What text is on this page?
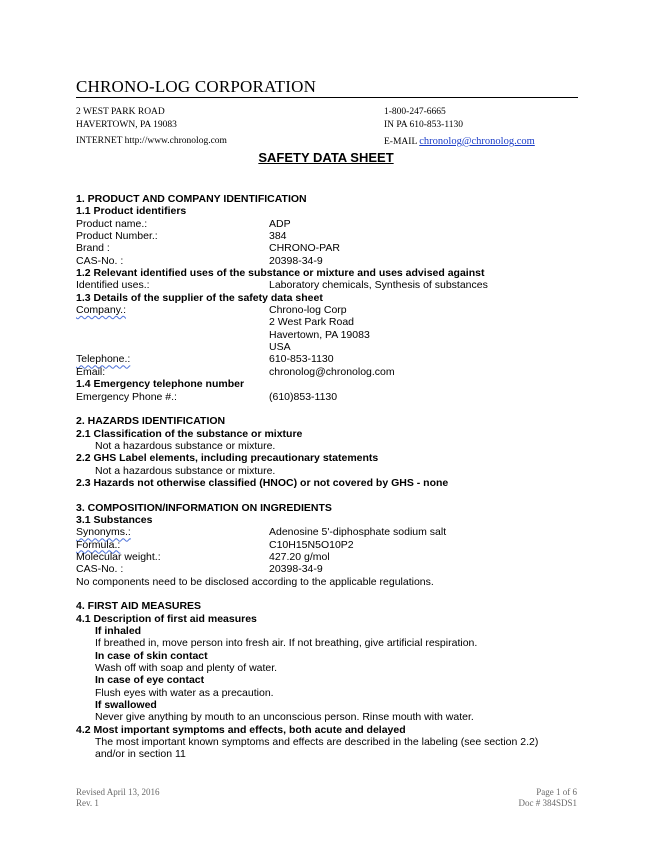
CHRONO-LOG CORPORATION
2 WEST PARK ROAD
HAVERTOWN, PA 19083
INTERNET http://www.chronolog.com
1-800-247-6665
IN PA 610-853-1130
E-MAIL chronolog@chronolog.com
SAFETY DATA SHEET
1. PRODUCT AND COMPANY IDENTIFICATION
1.1 Product identifiers
Product name.:	ADP
Product Number.:	384
Brand :	CHRONO-PAR
CAS-No. :	20398-34-9
1.2 Relevant identified uses of the substance or mixture and uses advised against
Identified uses.:	Laboratory chemicals, Synthesis of substances
1.3 Details of the supplier of the safety data sheet
Company.:	Chrono-log Corp
2 West Park Road
Havertown, PA 19083
USA
Telephone.:	610-853-1130
Email:	chronolog@chronolog.com
1.4 Emergency telephone number
Emergency Phone #.:	(610)853-1130
2. HAZARDS IDENTIFICATION
2.1 Classification of the substance or mixture
Not a hazardous substance or mixture.
2.2 GHS Label elements, including precautionary statements
Not a hazardous substance or mixture.
2.3 Hazards not otherwise classified (HNOC) or not covered by GHS - none
3. COMPOSITION/INFORMATION ON INGREDIENTS
3.1 Substances
Synonyms.:	Adenosine 5'-diphosphate sodium salt
Formula.:	C10H15N5O10P2
Molecular weight.:	427.20 g/mol
CAS-No. :	20398-34-9
No components need to be disclosed according to the applicable regulations.
4. FIRST AID MEASURES
4.1 Description of first aid measures
If inhaled
If breathed in, move person into fresh air. If not breathing, give artificial respiration.
In case of skin contact
Wash off with soap and plenty of water.
In case of eye contact
Flush eyes with water as a precaution.
If swallowed
Never give anything by mouth to an unconscious person. Rinse mouth with water.
4.2 Most important symptoms and effects, both acute and delayed
The most important known symptoms and effects are described in the labeling (see section 2.2)
and/or in section 11
Revised April 13, 2016
Rev. 1
Page 1 of 6
Doc # 384SDS1
